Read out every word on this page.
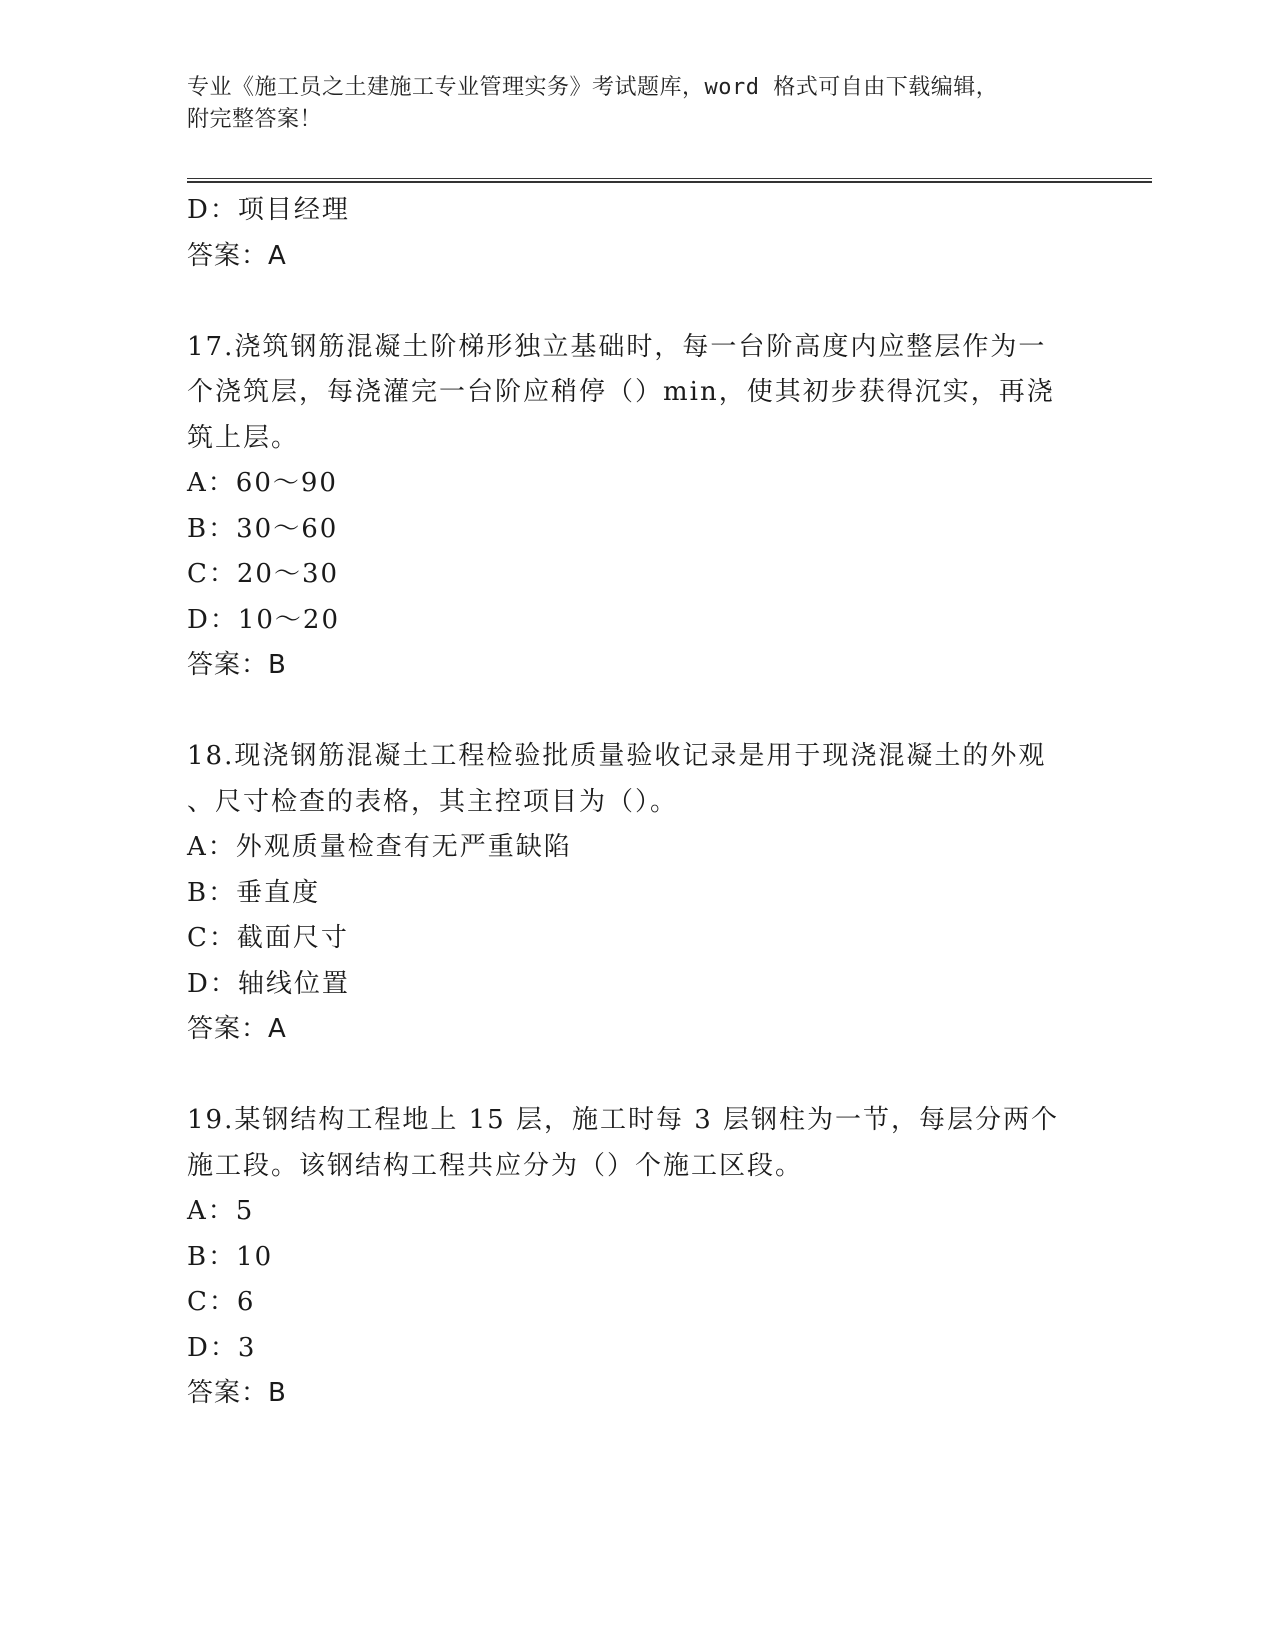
专业《施工员之土建施工专业管理实务》考试题库，word 格式可自由下载编辑，
附完整答案！

D：项目经理

答案：A

17.浇筑钢筋混凝土阶梯形独立基础时，每一台阶高度内应整层作为一

个浇筑层，每浇灌完一台阶应稍停（）min，使其初步获得沉实，再浇

筑上层。

A：60～90

B：30～60

C：20～30

D：10～20

答案：B

18.现浇钢筋混凝土工程检验批质量验收记录是用于现浇混凝土的外观

、尺寸检查的表格，其主控项目为（）。

A：外观质量检查有无严重缺陷

B：垂直度

C：截面尺寸

D：轴线位置

答案：A

19.某钢结构工程地上 15 层，施工时每 3 层钢柱为一节，每层分两个

施工段。该钢结构工程共应分为（）个施工区段。

A：5

B：10

C：6

D：3

答案：B
